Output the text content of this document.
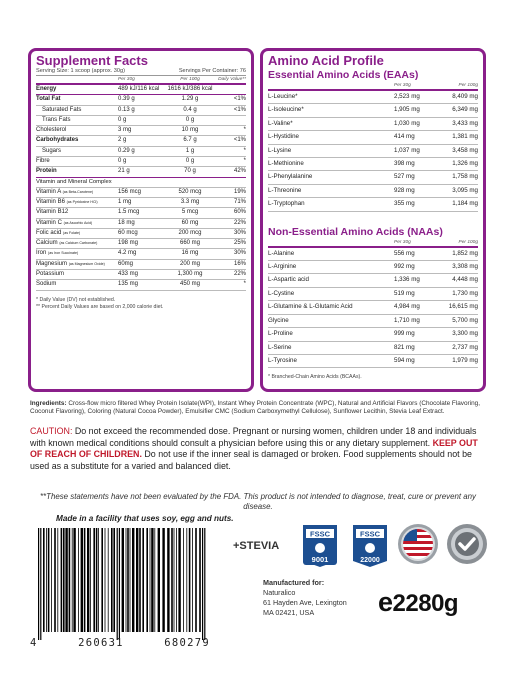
Supplement Facts
Serving Size: 1 scoop (approx. 30g)	Servings Per Container: 76
Per 30g	Per 100g	Daily Value**
Energy	489 kJ/116 kcal	1616 kJ/386 kcal
Total Fat	0.39 g	1.29 g	<1%
Saturated Fats	0.13 g	0.4 g	<1%
Trans Fats	0 g	0 g
Cholesterol	3 mg	10 mg	*
Carbohydrates	2 g	6.7 g	<1%
Sugars	0.29 g	1 g	*
Fibre	0 g	0 g	*
Protein	21 g	70 g	42%
Vitamin and Mineral Complex
Vitamin A (as Beta-Carotene)	156 mcg	520 mcg	19%
Vitamin B6 (as Pyridoxine HCl)	1 mg	3.3 mg	71%
Vitamin B12	1.5 mcg	5 mcg	60%
Vitamin C (as Ascorbic Acid)	18 mg	60 mg	22%
Folic acid (as Folate)	60 mcg	200 mcg	30%
Calcium (as Calcium Carbonate)	198 mg	660 mg	25%
Iron (as Iron Succinate)	4.2 mg	16 mg	30%
Magnesium (as Magnesium Oxide)	60mg	200 mg	16%
Potassium	433 mg	1,300 mg	22%
Sodium	135 mg	450 mg	*
* Daily Value (DV) not established.
** Percent Daily Values are based on 2,000 calorie diet.
Amino Acid Profile
Essential Amino Acids (EAAs)
Per 30g	Per 100g
L-Leucine*	2,523 mg	8,409 mg
L-Isoleucine*	1,905 mg	6,349 mg
L-Valine*	1,030 mg	3,433 mg
L-Hystidine	414 mg	1,381 mg
L-Lysine	1,037 mg	3,458 mg
L-Methionine	398 mg	1,326 mg
L-Phenylalanine	527 mg	1,758 mg
L-Threonine	928 mg	3,095 mg
L-Tryptophan	355 mg	1,184 mg
Non-Essential Amino Acids (NAAs)
Per 30g	Per 100g
L-Alanine	556 mg	1,852 mg
L-Arginine	992 mg	3,308 mg
L-Aspartic acid	1,336 mg	4,448 mg
L-Cystine	519 mg	1,730 mg
L-Glutamine & L-Glutamic Acid	4,984 mg	16,615 mg
Glycine	1,710 mg	5,700 mg
L-Proline	999 mg	3,300 mg
L-Serine	821 mg	2,737 mg
L-Tyrosine	594 mg	1,979 mg
* Branched-Chain Amino Acids (BCAAs).
Ingredients: Cross-flow micro filtered Whey Protein Isolate(WPI), Instant Whey Protein Concentrate (WPC), Natural and Artificial Flavors (Chocolate Flavoring, Coconut Flavoring), Coloring (Natural Cocoa Powder), Emulsifier CMC (Sodium Carboxymethyl Cellulose), Sunflower Lecithin, Stevia Leaf Extract.
CAUTION: Do not exceed the recommended dose. Pregnant or nursing women, children under 18 and individuals with known medical conditions should consult a physician before using this or any dietary supplement. KEEP OUT OF REACH OF CHILDREN. Do not use if the inner seal is damaged or broken. Food supplements should not be used as a substitute for a varied and balanced diet.
**These statements have not been evaluated by the FDA. This product is not intended to diagnose, treat, cure or prevent any disease.
Made in a facility that uses soy, egg and nuts.
4	260631	680279
+STEVIA
FSSC
9001
FSSC
22000
Manufactured for:
Naturalico
61 Hayden Ave, Lexington
MA 02421, USA	e2280g
